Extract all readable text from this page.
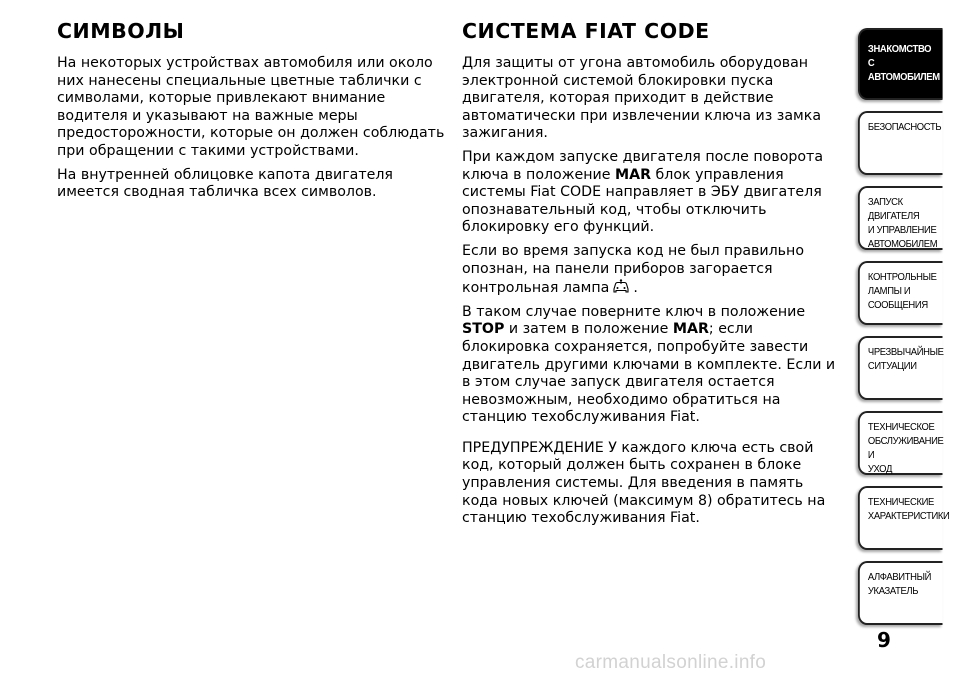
СИМВОЛЫ

На некоторых устройствах автомобиля или около них нанесены специальные цветные таблички с символами, которые привлекают внимание водителя и указывают на важные меры предосторожности, которые он должен соблюдать при обращении с такими устройствами.

На внутренней облицовке капота двигателя имеется сводная табличка всех символов.

СИСТЕМА FIAT CODE

Для защиты от угона автомобиль оборудован электронной системой блокировки пуска двигателя, которая приходит в действие автоматически при извлечении ключа из замка зажигания.

При каждом запуске двигателя после поворота ключа в положение MAR блок управления системы Fiat CODE направляет в ЭБУ двигателя опознавательный код, чтобы отключить блокировку его функций.

Если во время запуска код не был правильно опознан, на панели приборов загорается контрольная лампа .

В таком случае поверните ключ в положение STOP и затем в положение MAR; если блокировка сохраняется, попробуйте завести двигатель другими ключами в комплекте. Если и в этом случае запуск двигателя остается невозможным, необходимо обратиться на станцию техобслуживания Fiat.

ПРЕДУПРЕЖДЕНИЕ У каждого ключа есть свой код, который должен быть сохранен в блоке управления системы. Для введения в память кода новых ключей (максимум 8) обратитесь на станцию техобслуживания Fiat.

ЗНАКОМСТВО С
АВТОМОБИЛЕМ
БЕЗОПАСНОСТЬ
ЗАПУСК ДВИГАТЕЛЯ
И УПРАВЛЕНИЕ
АВТОМОБИЛЕМ
КОНТРОЛЬНЫЕ
ЛАМПЫ И
СООБЩЕНИЯ
ЧРЕЗВЫЧАЙНЫЕ
СИТУАЦИИ
ТЕХНИЧЕСКОЕ
ОБСЛУЖИВАНИЕ И
УХОД
ТЕХНИЧЕСКИЕ
ХАРАКТЕРИСТИКИ
АЛФАВИТНЫЙ
УКАЗАТЕЛЬ
9
carmanualsonline.info
